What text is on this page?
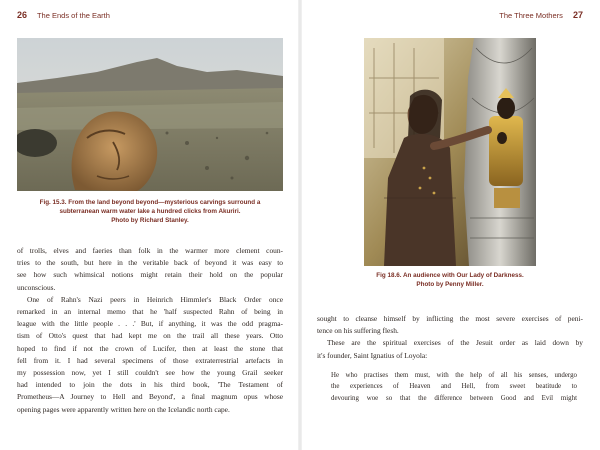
26 The Ends of the Earth
Fig. 15.3. From the land beyond beyond—mysterious carvings surround a
subterranean warm water lake a hundred clicks from Akuriri.
Photo by Richard Stanley.

of trolls, elves and faeries than folk in the warmer more clement coun-
tries to the south, but here in the veritable back of beyond it was easy to
see how such whimsical notions might retain their hold on the popular
unconscious.

One of Rahn's Nazi peers in Heinrich Himmler's Black Order once
remarked in an internal memo that he 'half suspected Rahn of being in
league with the little people . . .' But, if anything, it was the odd pragma-
tism of Otto's quest that had kept me on the trail all these years. Otto
hoped to find if not the crown of Lucifer, then at least the stone that
fell from it. I had several specimens of those extraterrestrial artefacts in
my possession now, yet I still couldn't see how the young Grail seeker
had intended to join the dots in his third book, 'The Testament of
Prometheus—A Journey to Hell and Beyond', a final magnum opus whose
opening pages were apparently written here on the Icelandic north cape.

The Three Mothers 27
Fig 18.6. An audience with Our Lady of Darkness.
Photo by Penny Miller.

sought to cleanse himself by inflicting the most severe exercises of peni-
tence on his suffering flesh.

These are the spiritual exercises of the Jesuit order as laid down by
it's founder, Saint Ignatius of Loyola:

He who practises them must, with the help of all his senses, undergo
the experiences of Heaven and Hell, from sweet beatitude to
devouring woe so that the difference between Good and Evil might
